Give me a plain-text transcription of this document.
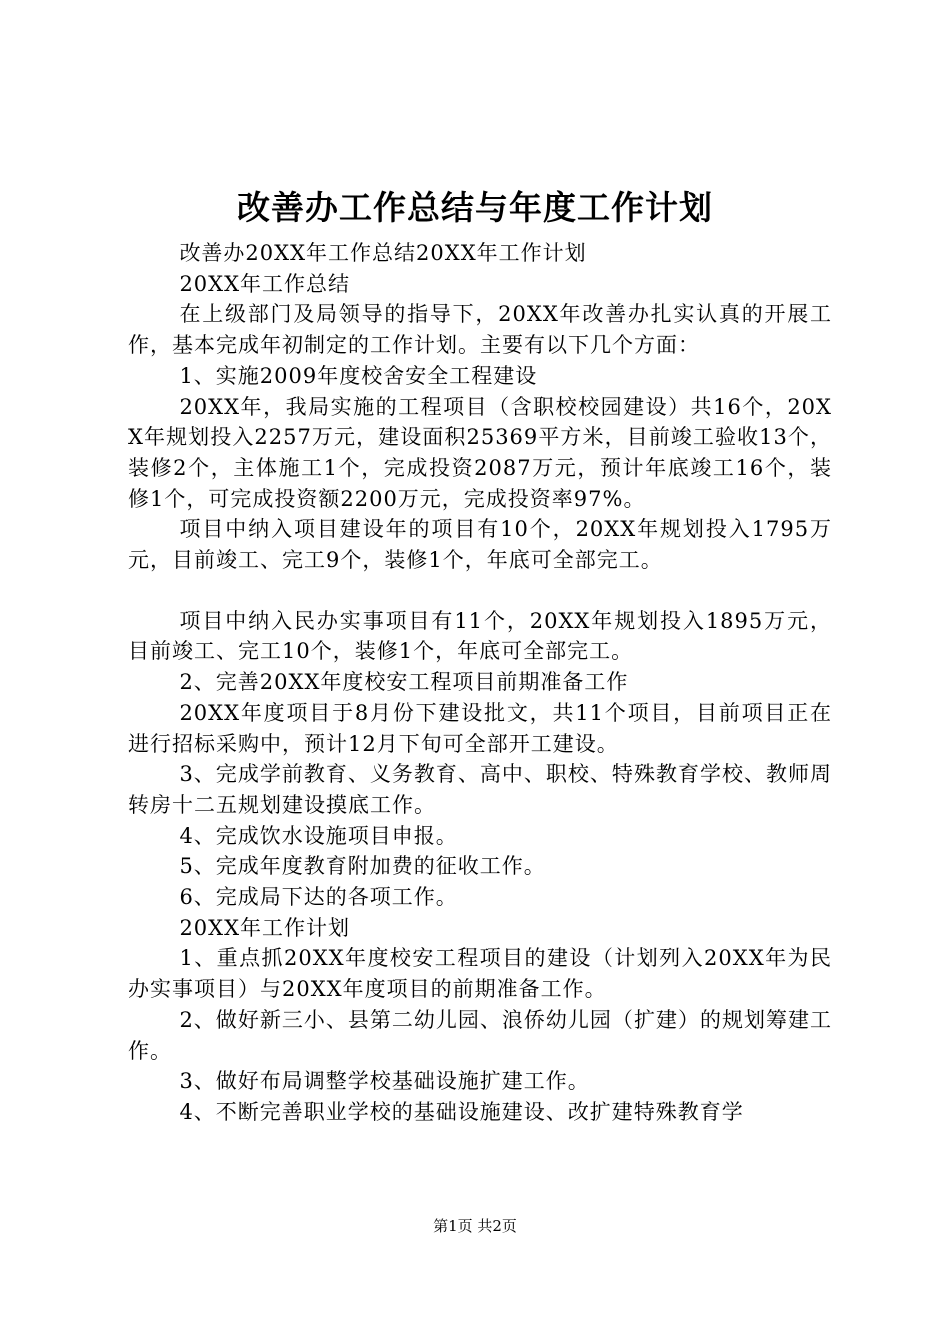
改善办工作总结与年度工作计划

改善办20XX年工作总结20XX年工作计划

20XX年工作总结

在上级部门及局领导的指导下，20XX年改善办扎实认真的开展工作，基本完成年初制定的工作计划。主要有以下几个方面：

1、实施2009年度校舍安全工程建设

20XX年，我局实施的工程项目（含职校校园建设）共16个，20XX年规划投入2257万元，建设面积25369平方米，目前竣工验收13个，装修2个，主体施工1个，完成投资2087万元，预计年底竣工16个，装修1个，可完成投资额2200万元，完成投资率97%。

项目中纳入项目建设年的项目有10个，20XX年规划投入1795万元，目前竣工、完工9个，装修1个，年底可全部完工。

项目中纳入民办实事项目有11个，20XX年规划投入1895万元，目前竣工、完工10个，装修1个，年底可全部完工。

2、完善20XX年度校安工程项目前期准备工作

20XX年度项目于8月份下建设批文，共11个项目，目前项目正在进行招标采购中，预计12月下旬可全部开工建设。

3、完成学前教育、义务教育、高中、职校、特殊教育学校、教师周转房十二五规划建设摸底工作。

4、完成饮水设施项目申报。

5、完成年度教育附加费的征收工作。

6、完成局下达的各项工作。

20XX年工作计划

1、重点抓20XX年度校安工程项目的建设（计划列入20XX年为民办实事项目）与20XX年度项目的前期准备工作。

2、做好新三小、县第二幼儿园、浪侨幼儿园（扩建）的规划筹建工作。

3、做好布局调整学校基础设施扩建工作。

4、不断完善职业学校的基础设施建设、改扩建特殊教育学

第1页 共2页
